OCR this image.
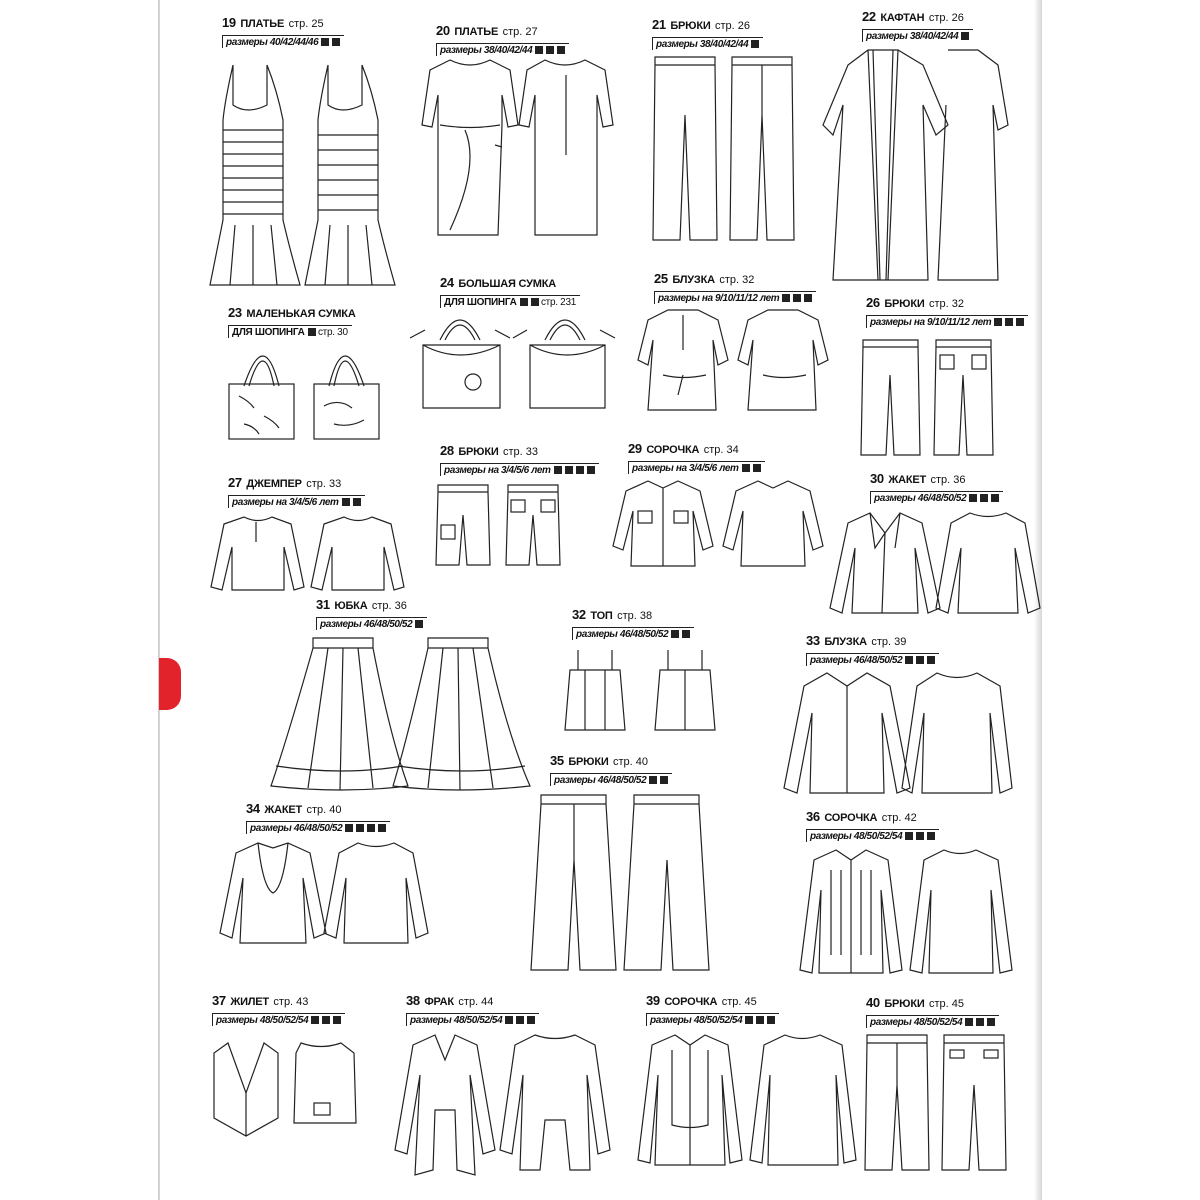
19 ПЛАТЬЕ стр. 25
размеры 40/42/44/46
20 ПЛАТЬЕ стр. 27
размеры 38/40/42/44
21 БРЮКИ стр. 26
размеры 38/40/42/44
22 КАФТАН стр. 26
размеры 38/40/42/44
23 МАЛЕНЬКАЯ СУМКА
ДЛЯ ШОПИНГА стр. 30
24 БОЛЬШАЯ СУМКА
ДЛЯ ШОПИНГА стр. 231
25 БЛУЗКА стр. 32
размеры на 9/10/11/12 лет	26 БРЮКИ стр. 32
размеры на 9/10/11/12 лет
27 ДЖЕМПЕР стр. 33
размеры на 3/4/5/6 лет
28 БРЮКИ стр. 33
размеры на 3/4/5/6 лет
29 СОРОЧКА стр. 34
размеры на 3/4/5/6 лет
30 ЖАКЕТ стр. 36
размеры 46/48/50/52
31 ЮБКА стр. 36
размеры 46/48/50/52
32 ТОП стр. 38
размеры 46/48/50/52	33 БЛУЗКА стр. 39
размеры 46/48/50/52
34 ЖАКЕТ стр. 40
размеры 46/48/50/52
35 БРЮКИ стр. 40
размеры 46/48/50/52
36 СОРОЧКА стр. 42
размеры 48/50/52/54
37 ЖИЛЕТ стр. 43
размеры 48/50/52/54
38 ФРАК стр. 44
размеры 48/50/52/54
39 СОРОЧКА стр. 45
размеры 48/50/52/54
40 БРЮКИ стр. 45
размеры 48/50/52/54
